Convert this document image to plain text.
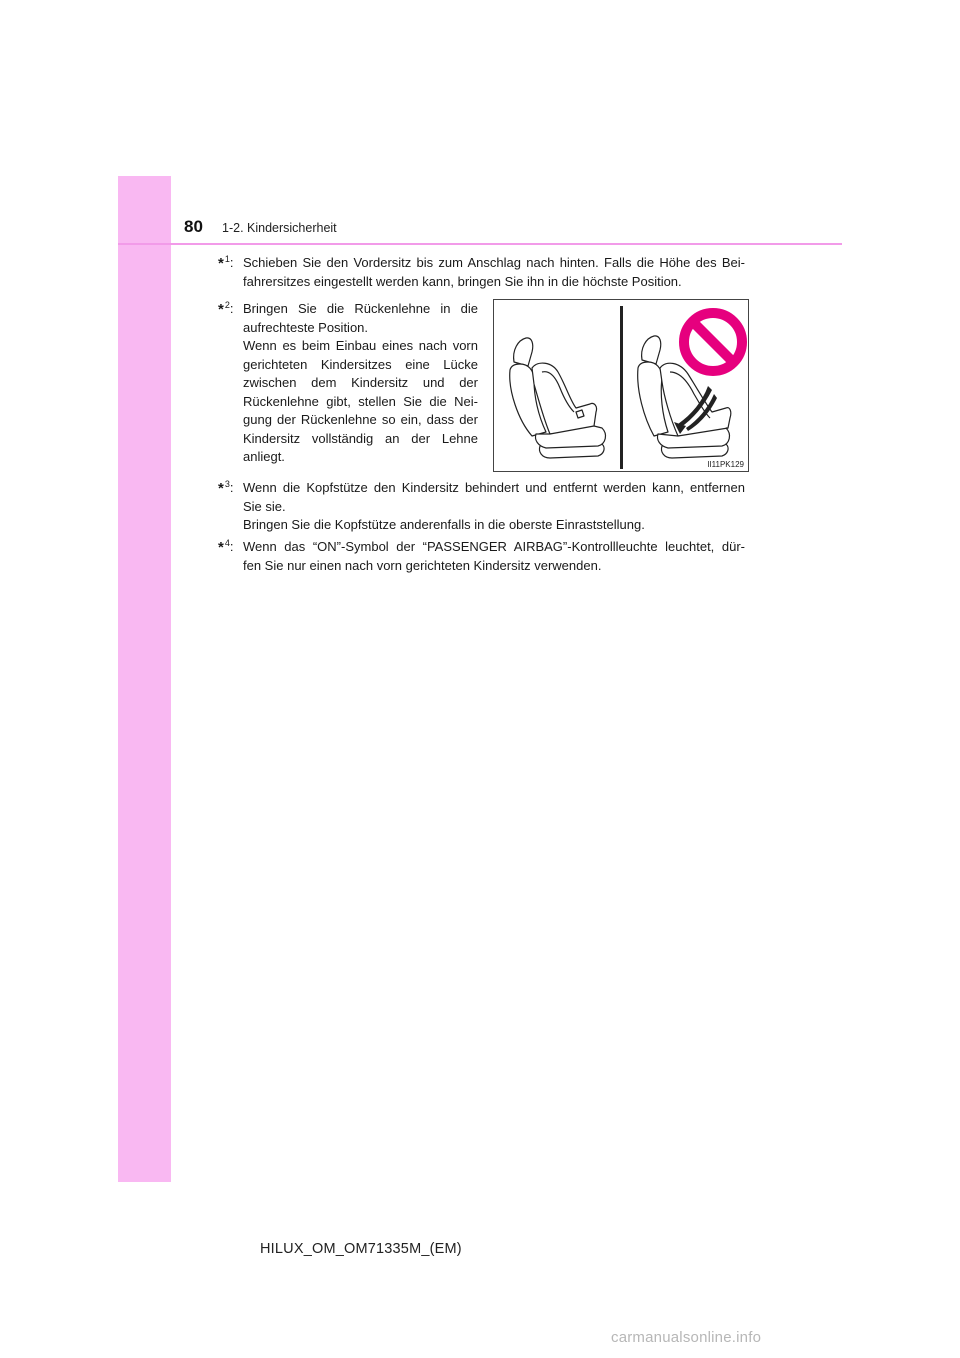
80 1-2. Kindersicherheit
*$^1$: Schieben Sie den Vordersitz bis zum Anschlag nach hinten. Falls die Höhe des Bei-
fahrersitzes eingestellt werden kann, bringen Sie ihn in die höchste Position.
*$^2$: Bringen Sie die Rückenlehne in die
aufrechteste Position.
Wenn es beim Einbau eines nach vorn
gerichteten Kindersitzes eine Lücke
zwischen dem Kindersitz und der
Rückenlehne gibt, stellen Sie die Nei-
gung der Rückenlehne so ein, dass der
Kindersitz vollständig an der Lehne
anliegt.
II11PK129
*$^3$: Wenn die Kopfstütze den Kindersitz behindert und entfernt werden kann, entfernen
Sie sie.
Bringen Sie die Kopfstütze anderenfalls in die oberste Einraststellung.
*$^4$: Wenn das “ON”-Symbol der “PASSENGER AIRBAG”-Kontrollleuchte leuchtet, dür-
fen Sie nur einen nach vorn gerichteten Kindersitz verwenden.
HILUX_OM_OM71335M_(EM)
carmanualsonline.info
